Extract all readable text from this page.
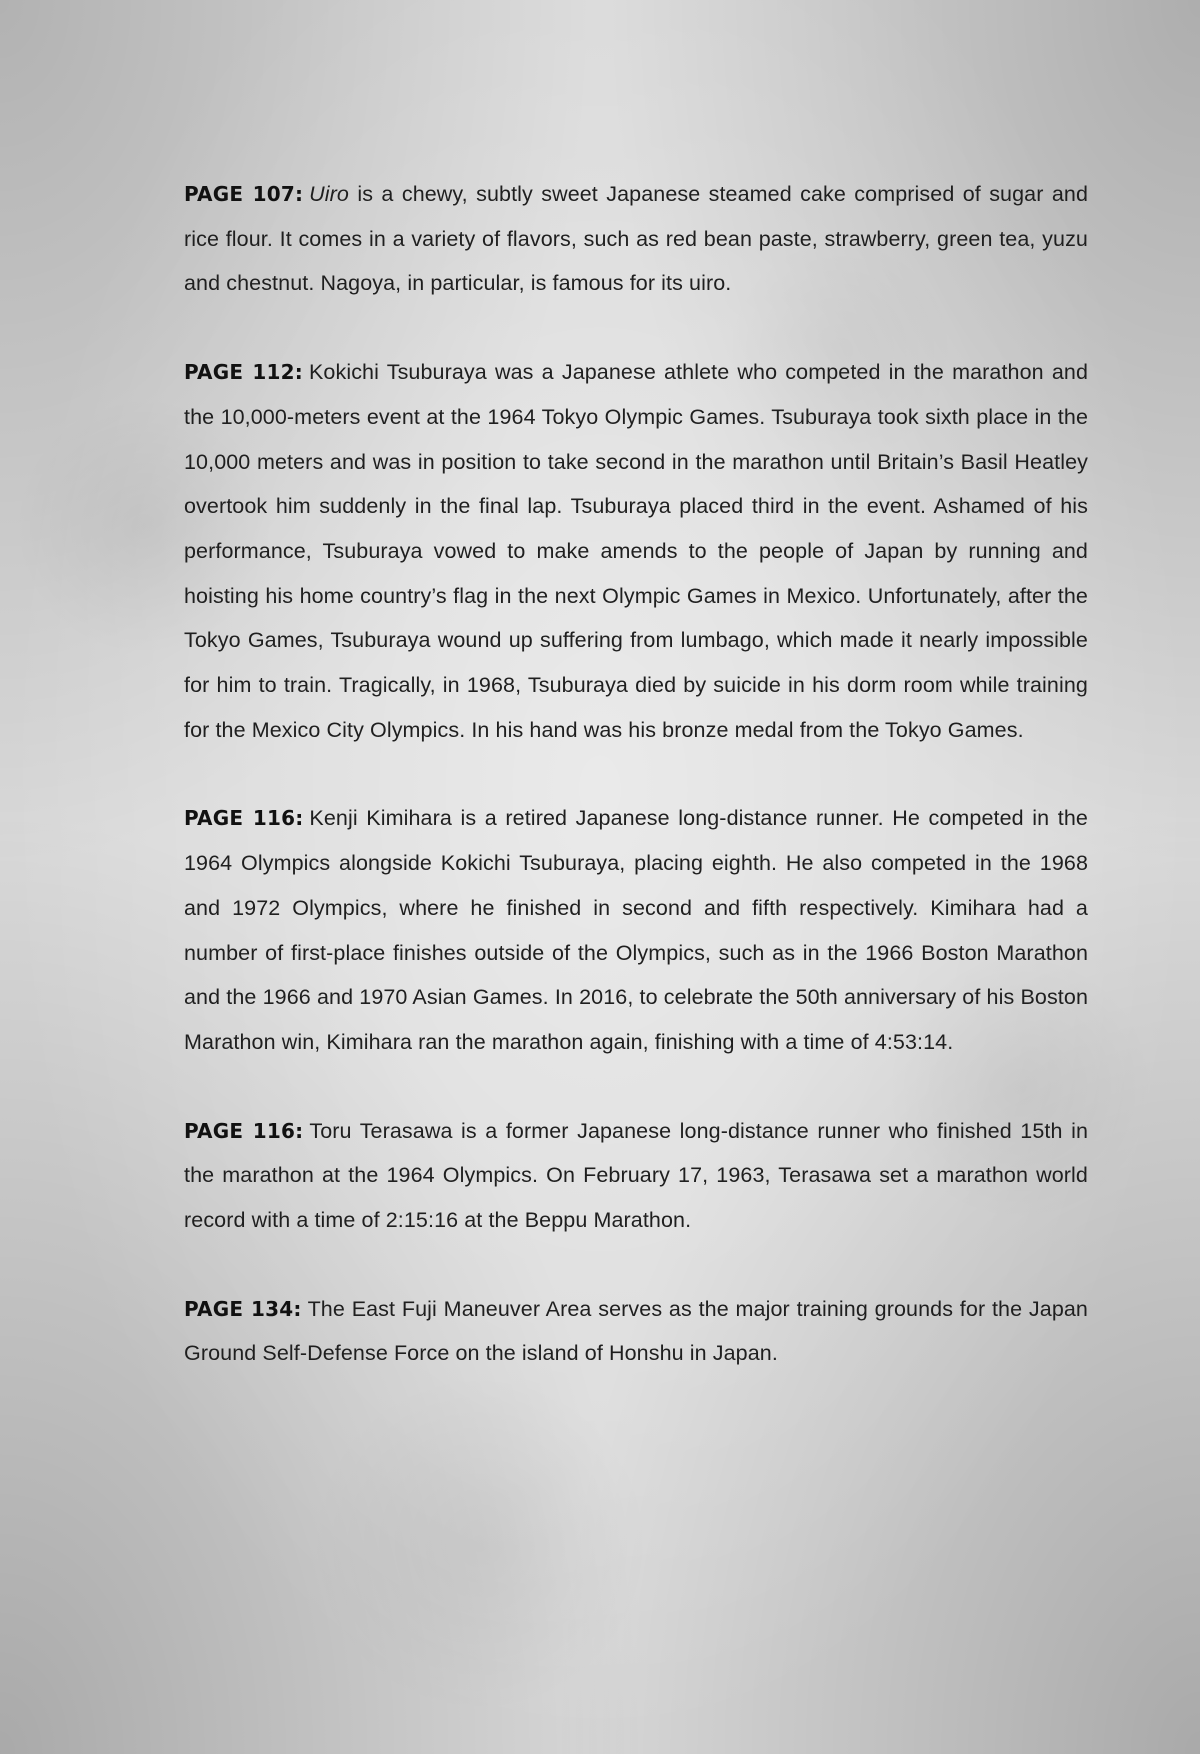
PAGE 107: Uiro is a chewy, subtly sweet Japanese steamed cake comprised of sugar and rice flour. It comes in a variety of flavors, such as red bean paste, strawberry, green tea, yuzu and chestnut. Nagoya, in particular, is famous for its uiro.

PAGE 112: Kokichi Tsuburaya was a Japanese athlete who competed in the marathon and the 10,000-meters event at the 1964 Tokyo Olympic Games. Tsuburaya took sixth place in the 10,000 meters and was in position to take second in the marathon until Britain’s Basil Heatley overtook him suddenly in the final lap. Tsuburaya placed third in the event. Ashamed of his performance, Tsuburaya vowed to make amends to the people of Japan by running and hoisting his home country’s flag in the next Olympic Games in Mexico. Unfortunately, after the Tokyo Games, Tsuburaya wound up suffering from lumbago, which made it nearly impossible for him to train. Tragically, in 1968, Tsuburaya died by suicide in his dorm room while training for the Mexico City Olympics. In his hand was his bronze medal from the Tokyo Games.

PAGE 116: Kenji Kimihara is a retired Japanese long-distance runner. He competed in the 1964 Olympics alongside Kokichi Tsuburaya, placing eighth. He also competed in the 1968 and 1972 Olympics, where he finished in second and fifth respectively. Kimihara had a number of first-place finishes outside of the Olympics, such as in the 1966 Boston Marathon and the 1966 and 1970 Asian Games. In 2016, to celebrate the 50th anniversary of his Boston Marathon win, Kimihara ran the marathon again, finishing with a time of 4:53:14.

PAGE 116: Toru Terasawa is a former Japanese long-distance runner who finished 15th in the marathon at the 1964 Olympics. On February 17, 1963, Terasawa set a marathon world record with a time of 2:15:16 at the Beppu Marathon.

PAGE 134: The East Fuji Maneuver Area serves as the major training grounds for the Japan Ground Self-Defense Force on the island of Honshu in Japan.
